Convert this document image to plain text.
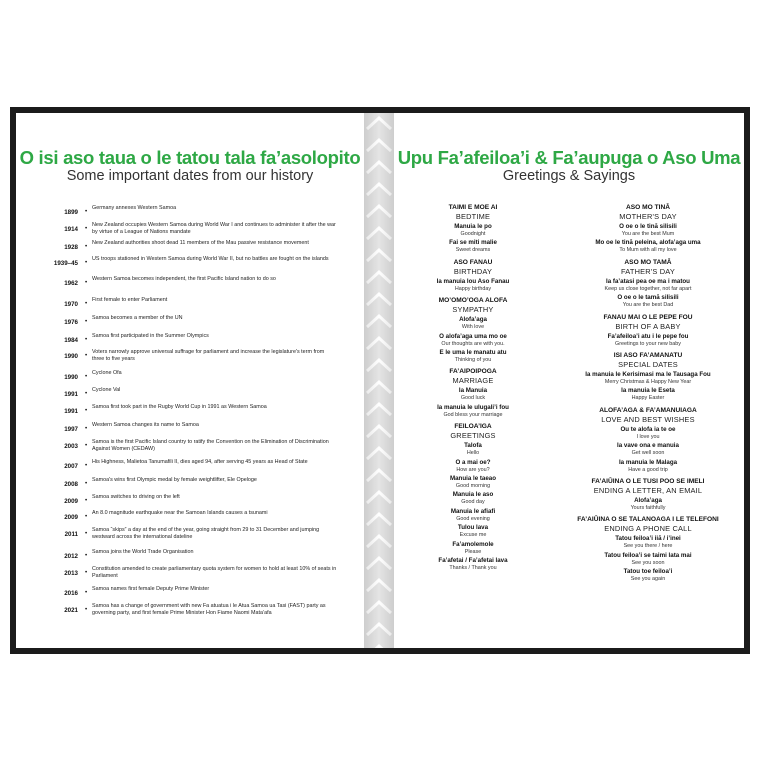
O isi aso taua o le tatou tala fa’asolopito
Some important dates from our history
1899 • Germany annexes Western Samoa
1914 • New Zealand occupies Western Samoa during World War I and continues to administer it after the war by virtue of a League of Nations mandate
1928 • New Zealand authorities shoot dead 11 members of the Mau passive resistance movement
1939–45 • US troops stationed in Western Samoa during World War II, but no battles are fought on the islands
1962 • Western Samoa becomes independent, the first Pacific Island nation to do so
1970 • First female to enter Parliament
1976 • Samoa becomes a member of the UN
1984 • Samoa first participated in the Summer Olympics
1990 • Voters narrowly approve universal suffrage for parliament and increase the legislature's term from three to five years
1990 • Cyclone Ofa
1991 • Cyclone Val
1991 • Samoa first took part in the Rugby World Cup in 1991 as Western Samoa
1997 • Western Samoa changes its name to Samoa
2003 • Samoa is the first Pacific Island country to ratify the Convention on the Elimination of Discrimination Against Women (CEDAW)
2007 • His Highness, Malietoa Tanumafili II, dies aged 94, after serving 45 years as Head of State
2008 • Samoa's wins first Olympic medal by female weightlifter, Ele Opeloge
2009 • Samoa switches to driving on the left
2009 • An 8.0 magnitude earthquake near the Samoan Islands causes a tsunami
2011 • Samoa “skips” a day at the end of the year, going straight from 29 to 31 December and jumping westward across the international dateline
2012 • Samoa joins the World Trade Organisation
2013 • Constitution amended to create parliamentary quota system for women to hold at least 10% of seats in Parliament
2016 • Samoa names first female Deputy Prime Minister
2021 • Samoa has a change of government with new Fa atuatua i le Atua Samoa ua Tasi (FAST) party as governing party, and first female Prime Minister Hon Fiame Naomi Mata’afa
Upu Fa’afeiloa’i & Fa’aupuga o Aso Uma
Greetings & Sayings
TAIMI E MOE AI
BEDTIME
Manuia le po
Goodnight
Fai se miti malie
Sweet dreams
ASO FANAU
BIRTHDAY
Ia manuia lou Aso Fanau
Happy birthday
MO’OMO’OGA ALOFA
SYMPATHY
Alofa’aga
With love
O alofa’aga uma mo oe
Our thoughts are with you.
E le uma le manatu atu
Thinking of you
FA’AIPOIPOGA
MARRIAGE
Ia Manuia
Good luck
Ia manuia le ulugali’i fou
God bless your marriage
FEILOA’IGA
GREETINGS
Talofa
Hello
O a mai oe?
How are you?
Manuia le taeao
Good morning
Manuia le aso
Good day
Manuia le afiafi
Good evening
Tulou lava
Excuse me
Fa’amolemole
Please
Fa’afetai / Fa’afetai lava
Thanks / Thank you
ASO MO TINĀ
MOTHER'S DAY
O oe o le tinā silisili
You are the best Mum
Mo oe le tinā peleina, alofa’aga uma
To Mum with all my love
ASO MO TAMĀ
FATHER'S DAY
Ia fa’atasi pea oe ma i matou
Keep us close together, not far apart
O oe o le tamā silisili
You are the best Dad
FANAU MAI O LE PEPE FOU
BIRTH OF A BABY
Fa’afeiloa’i atu i le pepe fou
Greetings to your new baby
ISI ASO FA’AMANATU
SPECIAL DATES
Ia manuia le Kerisimasi ma le Tausaga Fou
Merry Christmas & Happy New Year
Ia manuia le Eseta
Happy Easter
ALOFA’AGA & FA’AMANUIAGA
LOVE AND BEST WISHES
Ou te alofa ia te oe
I love you
Ia vave ona e manuia
Get well soon
Ia manuia le Malaga
Have a good trip
FA’AIŪINA O LE TUSI POO SE IMELI
ENDING A LETTER, AN EMAIL
Alofa’aga
Yours faithfully
FA’AIŪINA O SE TALANOAGA I LE TELEFONI
ENDING A PHONE CALL
Tatou feiloa’i iiā / i’inei
See you there / here
Tatou feiloa’i se taimi lata mai
See you soon
Tatou toe feiloa’i
See you again
